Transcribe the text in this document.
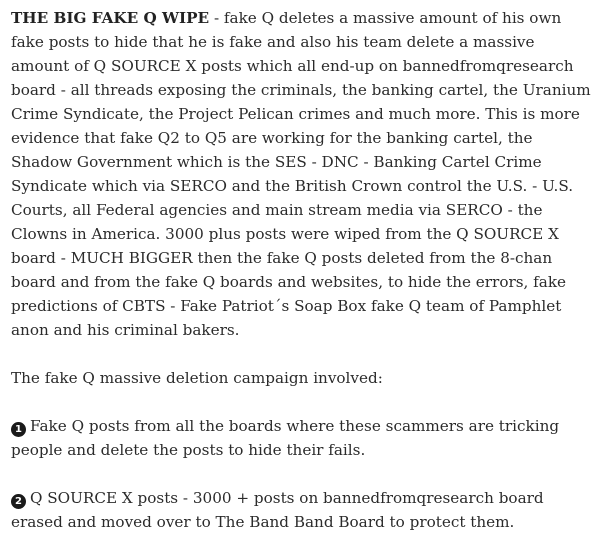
THE BIG FAKE Q WIPE - fake Q deletes a massive amount of his own fake posts to hide that he is fake and also his team delete a massive amount of Q SOURCE X posts which all end-up on bannedfromqresearch board - all threads exposing the criminals, the banking cartel, the Uranium Crime Syndicate, the Project Pelican crimes and much more. This is more evidence that fake Q2 to Q5 are working for the banking cartel, the Shadow Government which is the SES - DNC - Banking Cartel Crime Syndicate which via SERCO and the British Crown control the U.S. - U.S. Courts, all Federal agencies and main stream media via SERCO - the Clowns in America. 3000 plus posts were wiped from the Q SOURCE X board - MUCH BIGGER then the fake Q posts deleted from the 8-chan board and from the fake Q boards and websites, to hide the errors, fake predictions of CBTS - Fake Patriot´s Soap Box fake Q team of Pamphlet anon and his criminal bakers.

The fake Q massive deletion campaign involved:

1 Fake Q posts from all the boards where these scammers are tricking people and delete the posts to hide their fails.

2 Q SOURCE X posts - 3000 + posts on bannedfromqresearch board erased and moved over to The Band Band Board to protect them.
